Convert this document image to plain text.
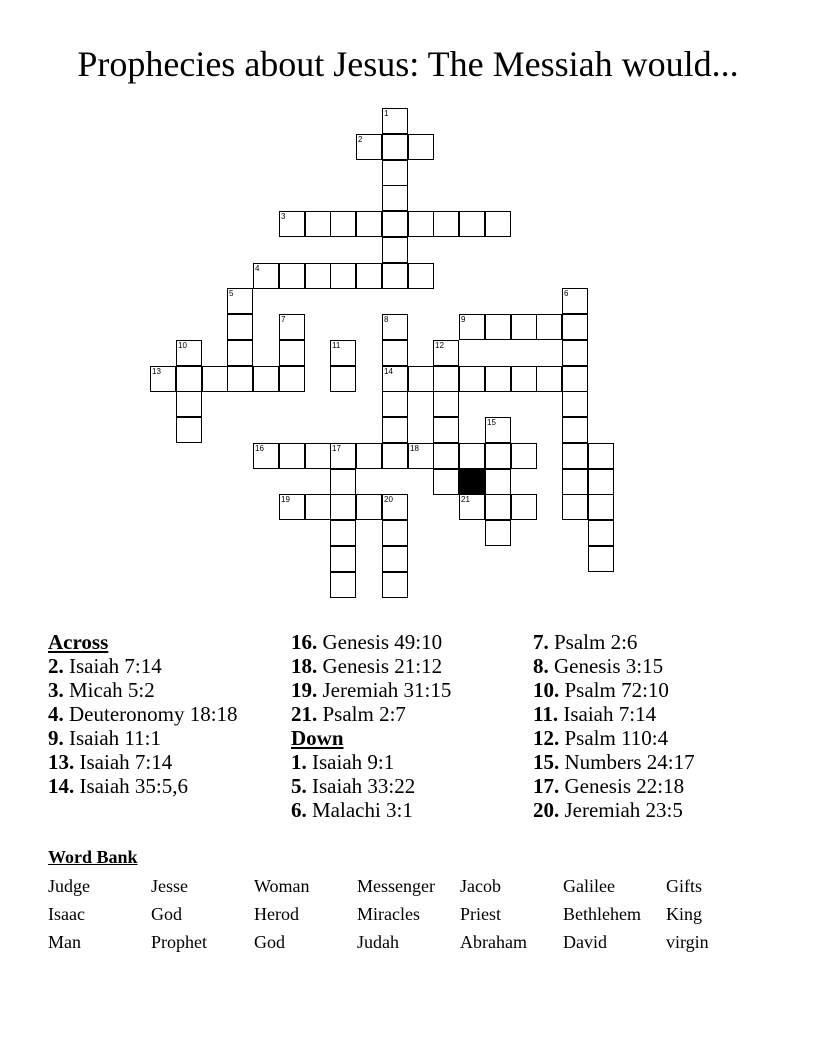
Prophecies about Jesus: The Messiah would...
2
3
4
9
13	14
16	17	18
19	20	21
1
5	6
7	8
10	11	12
15
Across
2. Isaiah 7:14
3. Micah 5:2
4. Deuteronomy 18:18
9. Isaiah 11:1
13. Isaiah 7:14
14. Isaiah 35:5,6
16. Genesis 49:10
18. Genesis 21:12
19. Jeremiah 31:15
21. Psalm 2:7
Down
1. Isaiah 9:1
5. Isaiah 33:22
6. Malachi 3:1
7. Psalm 2:6
8. Genesis 3:15
10. Psalm 72:10
11. Isaiah 7:14
12. Psalm 110:4
15. Numbers 24:17
17. Genesis 22:18
20. Jeremiah 23:5
Word Bank
Judge	Jesse	Woman	Messenger	Jacob	Galilee	Gifts
Isaac	God	Herod	Miracles	Priest	Bethlehem	King
Man	Prophet	God	Judah	Abraham	David	virgin
